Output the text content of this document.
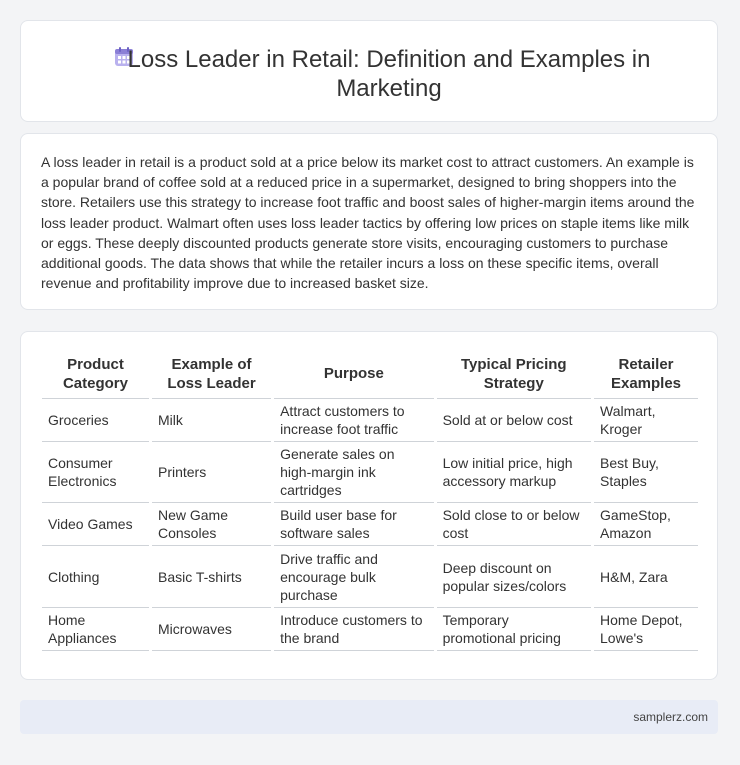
Loss Leader in Retail: Definition and Examples in Marketing

A loss leader in retail is a product sold at a price below its market cost to attract customers. An example is a popular brand of coffee sold at a reduced price in a supermarket, designed to bring shoppers into the store. Retailers use this strategy to increase foot traffic and boost sales of higher-margin items around the loss leader product. Walmart often uses loss leader tactics by offering low prices on staple items like milk or eggs. These deeply discounted products generate store visits, encouraging customers to purchase additional goods. The data shows that while the retailer incurs a loss on these specific items, overall revenue and profitability improve due to increased basket size.

Product Category	Example of Loss Leader	Purpose	Typical Pricing Strategy	Retailer Examples
Groceries	Milk	Attract customers to increase foot traffic	Sold at or below cost	Walmart, Kroger
Consumer Electronics	Printers	Generate sales on high-margin ink cartridges	Low initial price, high accessory markup	Best Buy, Staples
Video Games	New Game Consoles	Build user base for software sales	Sold close to or below cost	GameStop, Amazon
Clothing	Basic T-shirts	Drive traffic and encourage bulk purchase	Deep discount on popular sizes/colors	H&M, Zara
Home Appliances	Microwaves	Introduce customers to the brand	Temporary promotional pricing	Home Depot, Lowe's
samplerz.com
